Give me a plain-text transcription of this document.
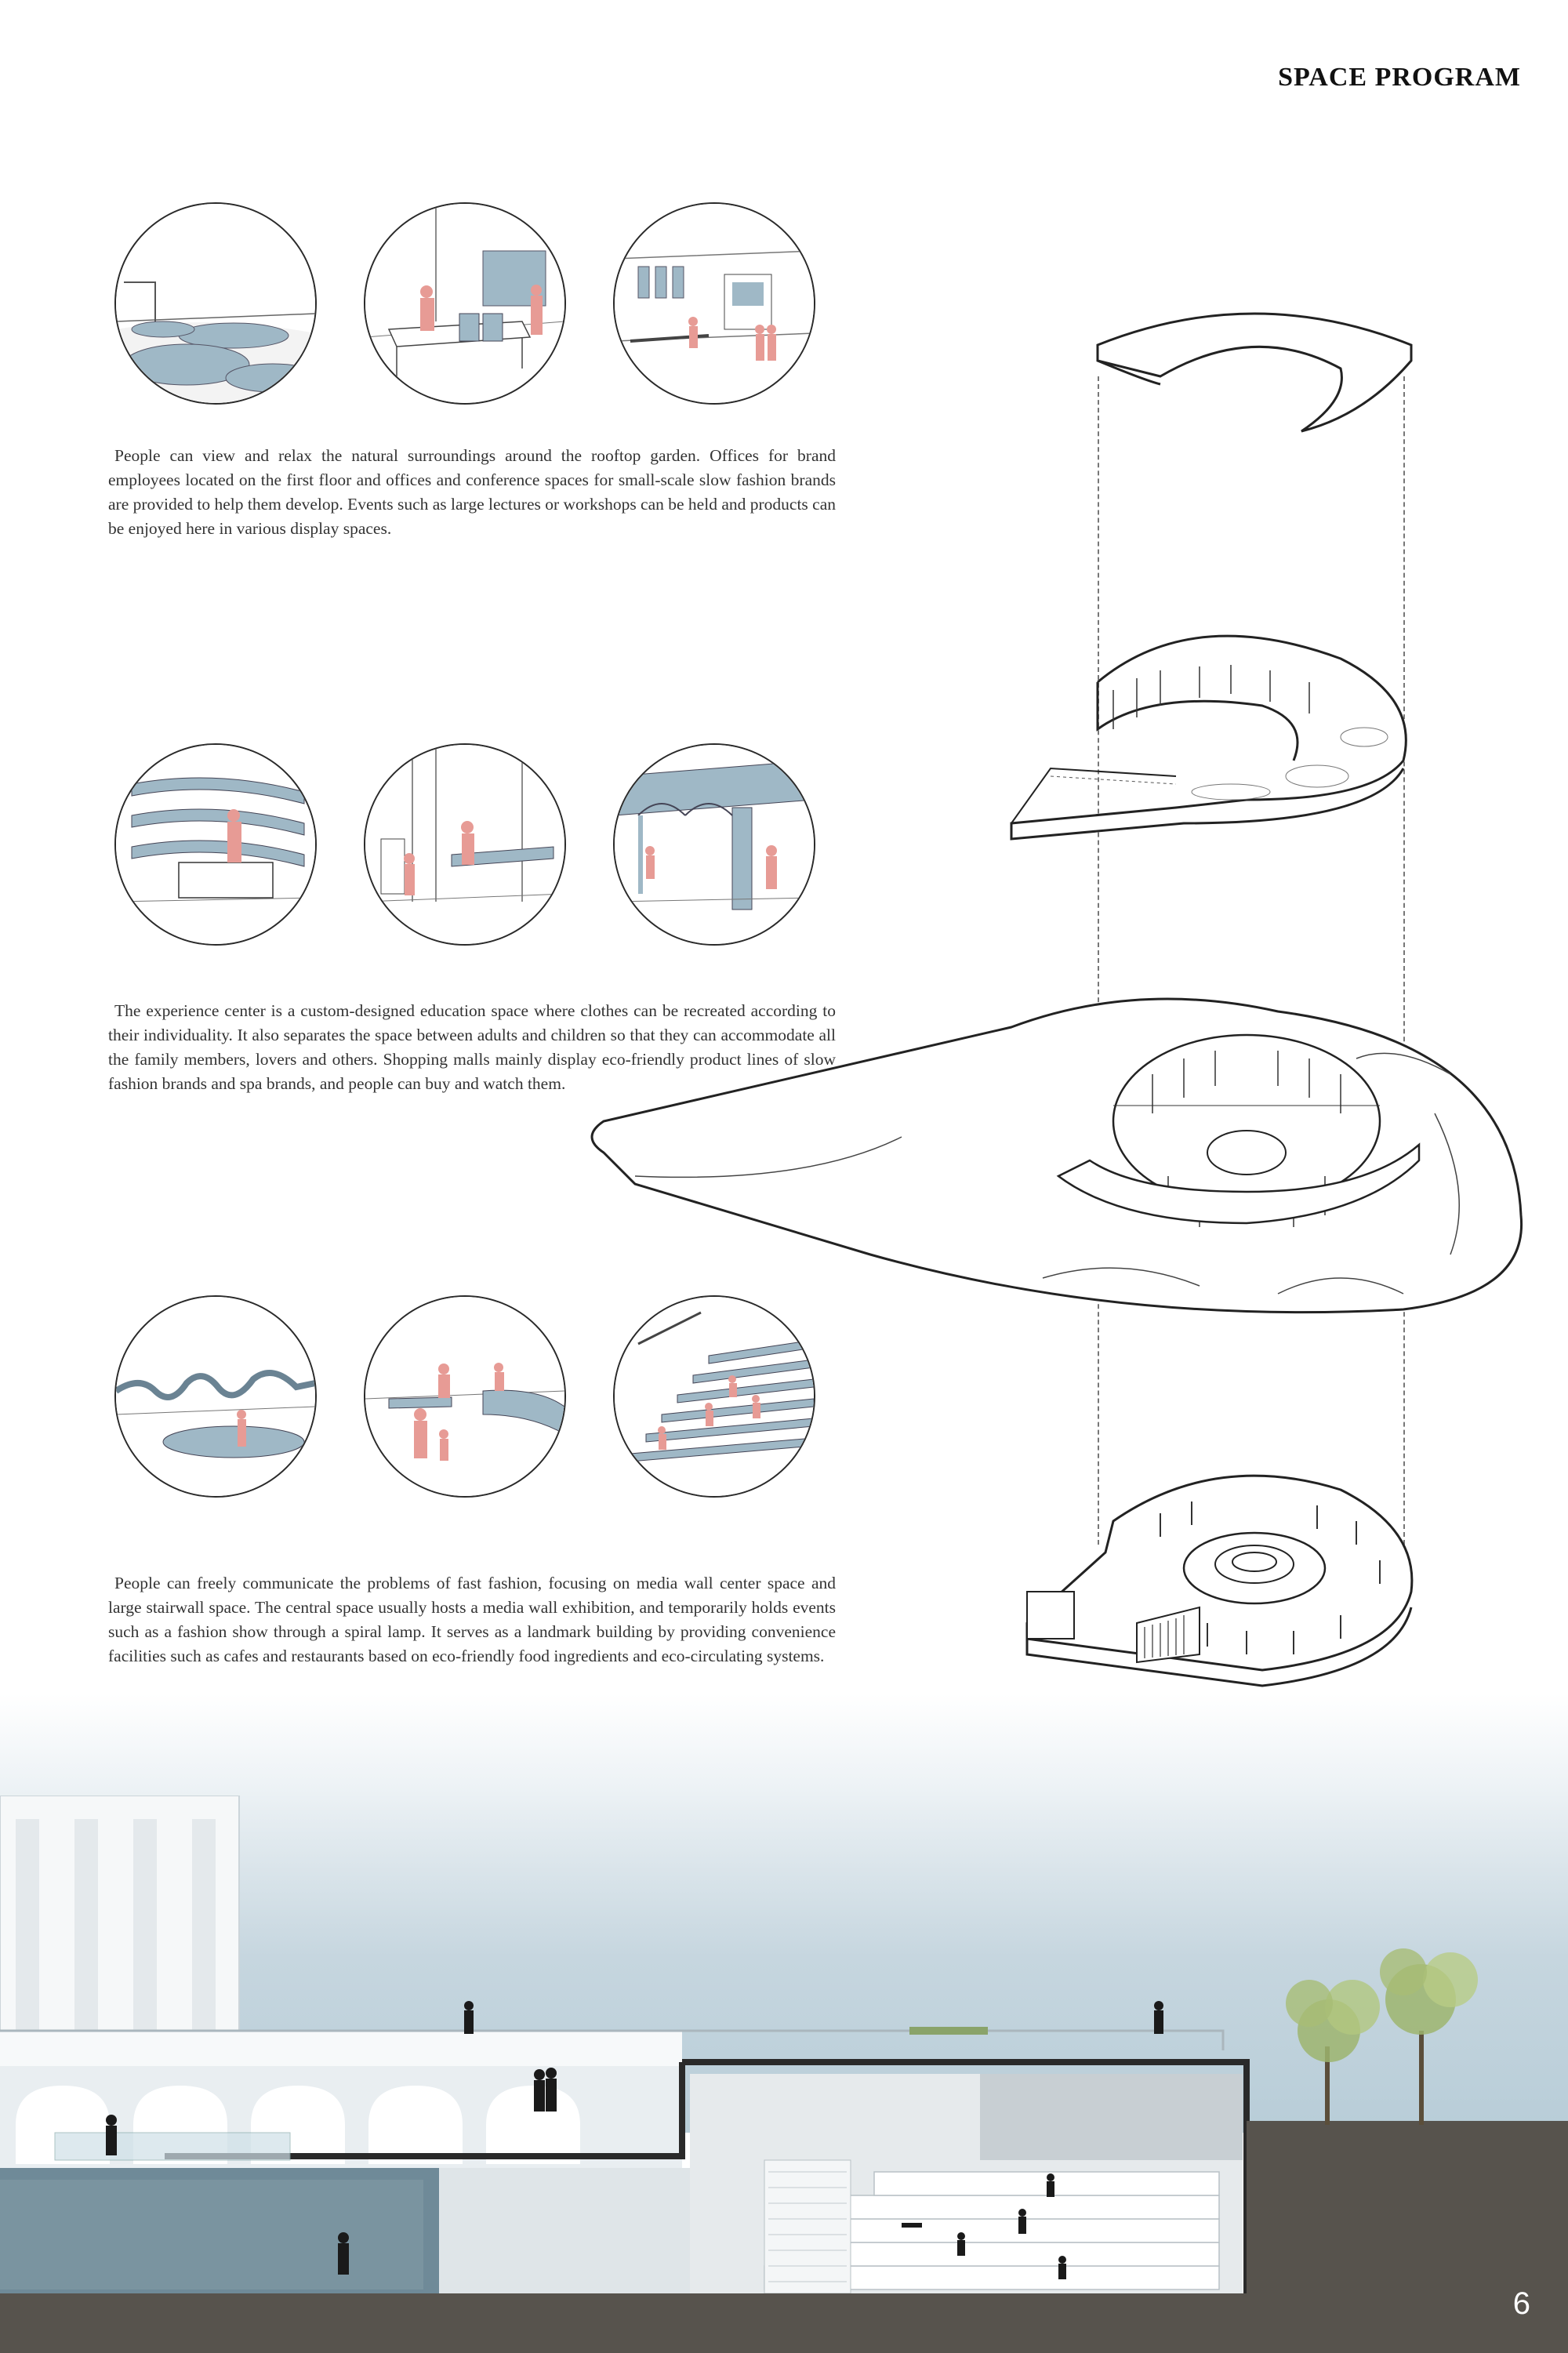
SPACE PROGRAM

People can view and relax the natural surroundings around the rooftop garden. Offices for brand employees located on the first floor and offices and conference spaces for small-scale slow fashion brands are provided to help them develop. Events such as large lectures or workshops can be held and products can be enjoyed here in various display spaces.

The experience center is a custom-designed education space where clothes can be recreated according to their individuality. It also separates the space between adults and children so that they can accommodate all the family members, lovers and others. Shopping malls mainly display eco-friendly product lines of slow fashion brands and spa brands, and people can buy and watch them.

People can freely communicate the problems of fast fashion, focusing on media wall center space and large stairwall space. The central space usually hosts a media wall exhibition, and temporarily holds events such as a fashion show through a spiral lamp. It serves as a landmark building by providing convenience facilities such as cafes and restaurants based on eco-friendly food ingredients and eco-circulating systems.

6
